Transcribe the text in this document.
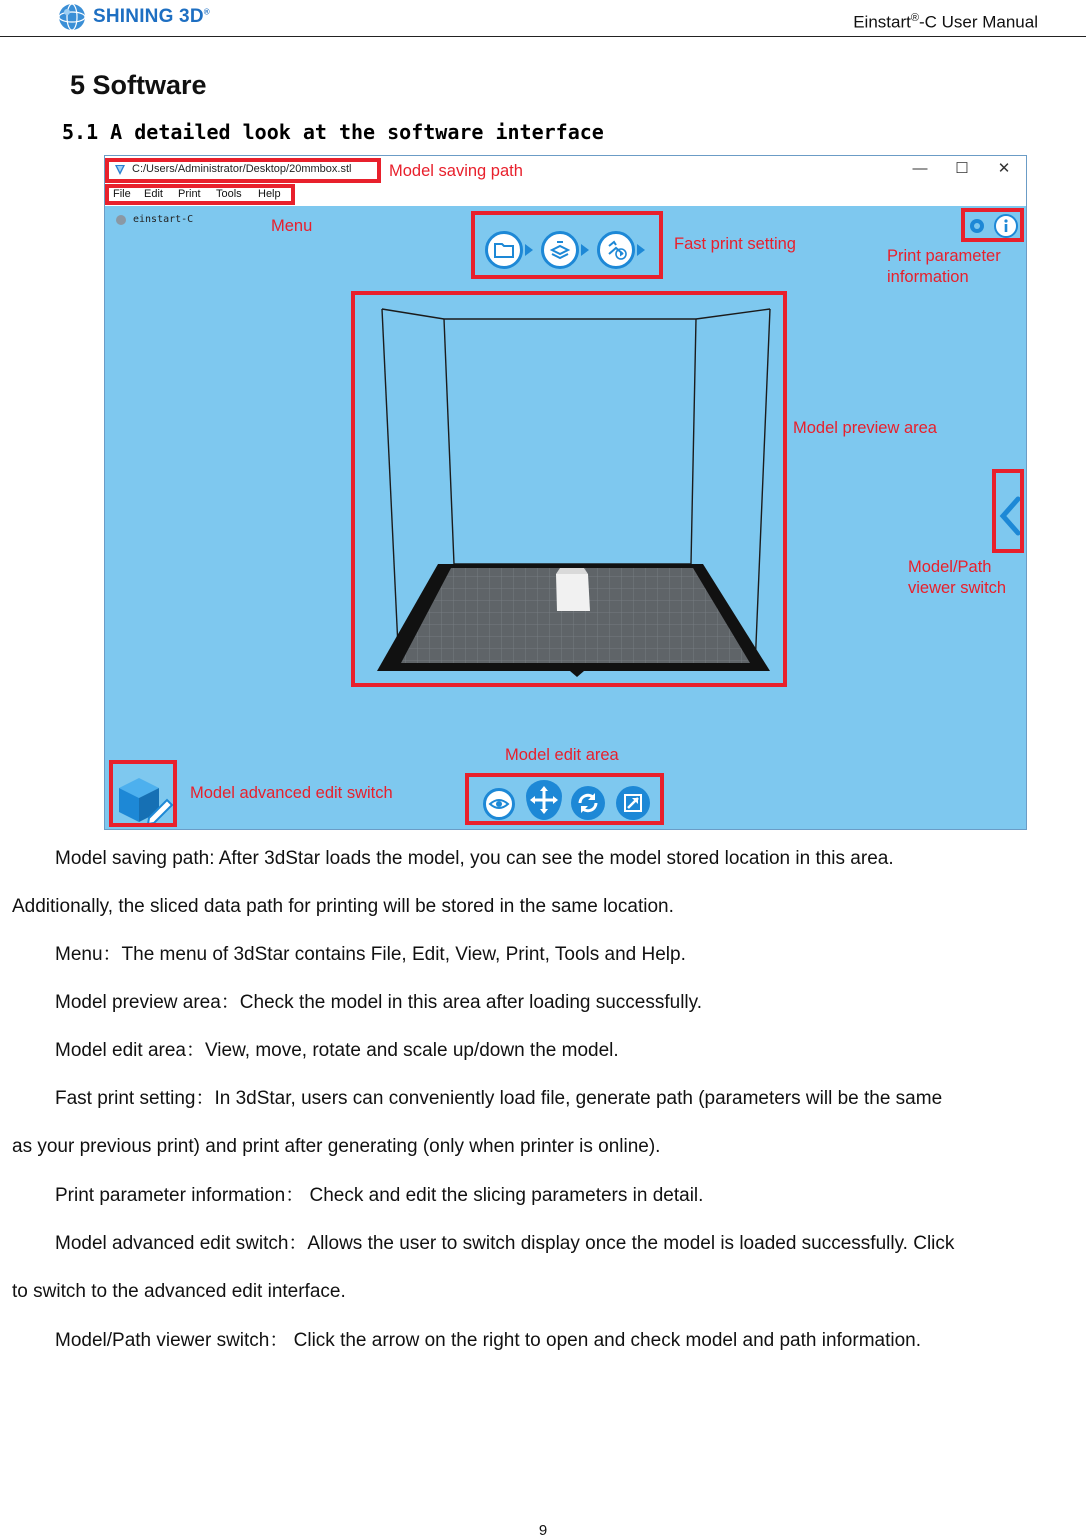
SHINING 3D®
Einstart®-C User Manual
5 Software
5.1 A detailed look at the software interface
C:/Users/Administrator/Desktop/20mmbox.stl	—	☐	✕
File Edit Print Tools Help
einstart-C
Model saving path
Menu
Fast print setting
Print parameter
information
Model preview area
Model/Path
viewer switch
Model edit area
Model advanced edit switch
Model saving path: After 3dStar loads the model, you can see the model stored location in this area.
Additionally, the sliced data path for printing will be stored in the same location.
Menu：The menu of 3dStar contains File, Edit, View, Print, Tools and Help.
Model preview area：Check the model in this area after loading successfully.
Model edit area：View, move, rotate and scale up/down the model.
Fast print setting：In 3dStar, users can conveniently load file, generate path (parameters will be the same
as your previous print) and print after generating (only when printer is online).
Print parameter information： Check and edit the slicing parameters in detail.
Model advanced edit switch：Allows the user to switch display once the model is loaded successfully. Click
to switch to the advanced edit interface.
Model/Path viewer switch： Click the arrow on the right to open and check model and path information.
9
